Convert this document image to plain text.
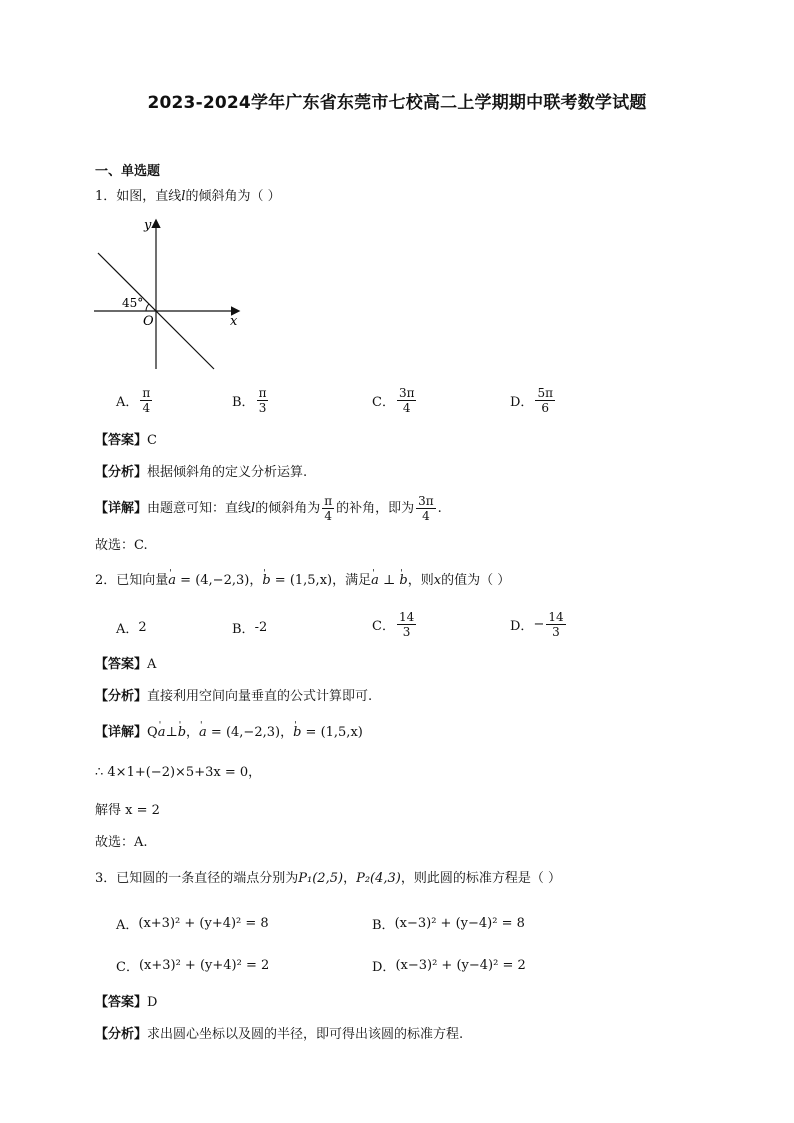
2023-2024学年广东省东莞市七校高二上学期期中联考数学试题
一、单选题
1．如图，直线l的倾斜角为（ ）
y
x
O
45°
A． $\frac{\pi}{4}$	B． $\frac{\pi}{3}$	C． $\frac{3\pi}{4}$	D． $\frac{5\pi}{6}$
【答案】C
【分析】根据倾斜角的定义分析运算.
【详解】 由题意可知：直线 l 的倾斜角为 $\frac{\pi}{4}$ 的补角，即为 $\frac{3\pi}{4}$ .
故选：C.
2．已知向量' a = (4,−2,3)，' b = (1,5,x)，满足' a ⊥ ' b，则x的值为（ ）
A． 2	B． -2	C． $\frac{14}{3}$	D． − $\frac{14}{3}$
【答案】A
【分析】直接利用空间向量垂直的公式计算即可.
【详解】Q' a⊥' b，' a = (4,−2,3)，' b = (1,5,x)
∴ 4×1+(−2)×5+3x = 0，
解得 x = 2
故选：A.
3．已知圆的一条直径的端点分别为P₁(2,5)，P₂(4,3)，则此圆的标准方程是（ ）
A． (x+3)² + (y+4)² = 8	B． (x−3)² + (y−4)² = 8
C． (x+3)² + (y+4)² = 2	D． (x−3)² + (y−4)² = 2
【答案】D
【分析】求出圆心坐标以及圆的半径，即可得出该圆的标准方程.
